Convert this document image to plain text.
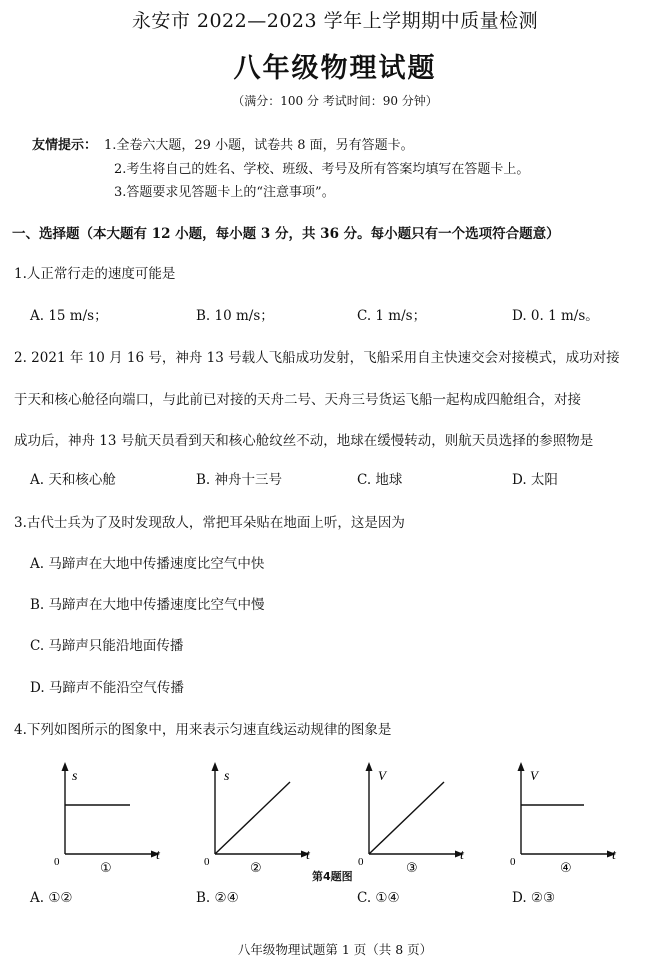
永安市 2022—2023 学年上学期期中质量检测
八年级物理试题
（满分：100 分 考试时间：90 分钟）
友情提示： 1.全卷六大题，29 小题，试卷共 8 面，另有答题卡。
2.考生将自己的姓名、学校、班级、考号及所有答案均填写在答题卡上。
3.答题要求见答题卡上的“注意事项”。
一、选择题（本大题有 12 小题，每小题 3 分，共 36 分。每小题只有一个选项符合题意）
1.人正常行走的速度可能是
A. 15 m/s；	B. 10 m/s；	C. 1 m/s；	D. 0. 1 m/s。
2. 2021 年 10 月 16 号，神舟 13 号载人飞船成功发射，飞船采用自主快速交会对接模式，成功对接
于天和核心舱径向端口，与此前已对接的天舟二号、天舟三号货运飞船一起构成四舱组合，对接
成功后，神舟 13 号航天员看到天和核心舱纹丝不动，地球在缓慢转动，则航天员选择的参照物是
A. 天和核心舱	B. 神舟十三号	C. 地球	D. 太阳
3.古代士兵为了及时发现敌人，常把耳朵贴在地面上听，这是因为
A. 马蹄声在大地中传播速度比空气中快
B. 马蹄声在大地中传播速度比空气中慢
C. 马蹄声只能沿地面传播
D. 马蹄声不能沿空气传播
4.下列如图所示的图象中，用来表示匀速直线运动规律的图象是
s
t
0	①
s
t
0	②
V
t
0	③
V
t
0	④
第4题图
A. ①②	B. ②④	C. ①④	D. ②③
八年级物理试题第 1 页（共 8 页）
